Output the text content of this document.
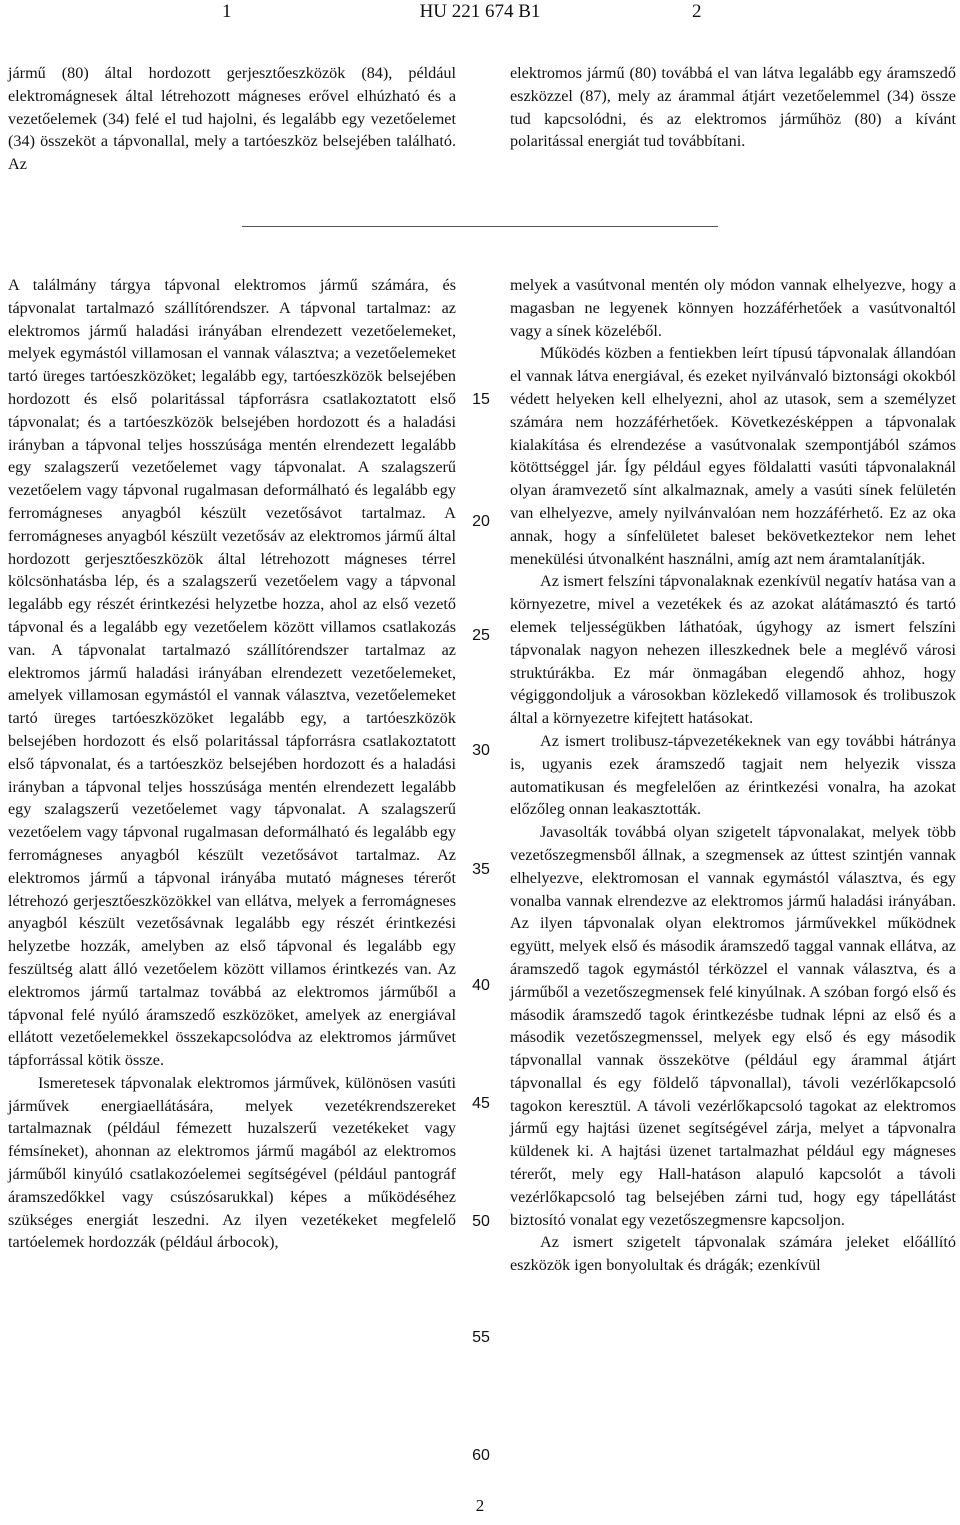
1	HU 221 674 B1	2

jármű (80) által hordozott gerjesztőeszközök (84), például elektromágnesek által létrehozott mágneses erővel elhúzható és a vezetőelemek (34) felé el tud hajolni, és legalább egy vezetőelemet (34) összeköt a tápvonallal, mely a tartóeszköz belsejében található. Az

elektromos jármű (80) továbbá el van látva legalább egy áramszedő eszközzel (87), mely az árammal átjárt vezetőelemmel (34) össze tud kapcsolódni, és az elektromos járműhöz (80) a kívánt polaritással energiát tud továbbítani.

A találmány tárgya tápvonal elektromos jármű számára, és tápvonalat tartalmazó szállítórendszer. A tápvonal tartalmaz: az elektromos jármű haladási irányában elrendezett vezetőelemeket, melyek egymástól villamosan el vannak választva; a vezetőelemeket tartó üreges tartóeszközöket; legalább egy, tartóeszközök belsejében hordozott és első polaritással tápforrásra csatlakoztatott első tápvonalat; és a tartóeszközök belsejében hordozott és a haladási irányban a tápvonal teljes hosszúsága mentén elrendezett legalább egy szalagszerű vezetőelemet vagy tápvonalat. A szalagszerű vezetőelem vagy tápvonal rugalmasan deformálható és legalább egy ferromágneses anyagból készült vezetősávot tartalmaz. A ferromágneses anyagból készült vezetősáv az elektromos jármű által hordozott gerjesztőeszközök által létrehozott mágneses térrel kölcsönhatásba lép, és a szalagszerű vezetőelem vagy a tápvonal legalább egy részét érintkezési helyzetbe hozza, ahol az első vezető tápvonal és a legalább egy vezetőelem között villamos csatlakozás van. A tápvonalat tartalmazó szállítórendszer tartalmaz az elektromos jármű haladási irányában elrendezett vezetőelemeket, amelyek villamosan egymástól el vannak választva, vezetőelemeket tartó üreges tartóeszközöket legalább egy, a tartóeszközök belsejében hordozott és első polaritással tápforrásra csatlakoztatott első tápvonalat, és a tartóeszköz belsejében hordozott és a haladási irányban a tápvonal teljes hosszúsága mentén elrendezett legalább egy szalagszerű vezetőelemet vagy tápvonalat. A szalagszerű vezetőelem vagy tápvonal rugalmasan deformálható és legalább egy ferromágneses anyagból készült vezetősávot tartalmaz. Az elektromos jármű a tápvonal irányába mutató mágneses térerőt létrehozó gerjesztőeszközökkel van ellátva, melyek a ferromágneses anyagból készült vezetősávnak legalább egy részét érintkezési helyzetbe hozzák, amelyben az első tápvonal és legalább egy feszültség alatt álló vezetőelem között villamos érintkezés van. Az elektromos jármű tartalmaz továbbá az elektromos járműből a tápvonal felé nyúló áramszedő eszközöket, amelyek az energiával ellátott vezetőelemekkel összekapcsolódva az elektromos járművet tápforrással kötik össze.

Ismeretesek tápvonalak elektromos járművek, különösen vasúti járművek energiaellátására, melyek vezetékrendszereket tartalmaznak (például fémezett huzalszerű vezetékeket vagy fémsíneket), ahonnan az elektromos jármű magából az elektromos járműből kinyúló csatlakozóelemei segítségével (például pantográf áramszedőkkel vagy csúszósarukkal) képes a működéséhez szükséges energiát leszedni. Az ilyen vezetékeket megfelelő tartóelemek hordozzák (például árbocok),

melyek a vasútvonal mentén oly módon vannak elhelyezve, hogy a magasban ne legyenek könnyen hozzáférhetőek a vasútvonaltól vagy a sínek közeléből.

Működés közben a fentiekben leírt típusú tápvonalak állandóan el vannak látva energiával, és ezeket nyilvánvaló biztonsági okokból védett helyeken kell elhelyezni, ahol az utasok, sem a személyzet számára nem hozzáférhetőek. Következésképpen a tápvonalak kialakítása és elrendezése a vasútvonalak szempontjából számos kötöttséggel jár. Így például egyes földalatti vasúti tápvonalaknál olyan áramvezető sínt alkalmaznak, amely a vasúti sínek felületén van elhelyezve, amely nyilvánvalóan nem hozzáférhető. Ez az oka annak, hogy a sínfelületet baleset bekövetkeztekor nem lehet menekülési útvonalként használni, amíg azt nem áramtalanítják.

Az ismert felszíni tápvonalaknak ezenkívül negatív hatása van a környezetre, mivel a vezetékek és az azokat alátámasztó és tartó elemek teljességükben láthatóak, úgyhogy az ismert felszíni tápvonalak nagyon nehezen illeszkednek bele a meglévő városi struktúrákba. Ez már önmagában elegendő ahhoz, hogy végiggondoljuk a városokban közlekedő villamosok és trolibuszok által a környezetre kifejtett hatásokat.

Az ismert trolibusz-tápvezetékeknek van egy további hátránya is, ugyanis ezek áramszedő tagjait nem helyezik vissza automatikusan és megfelelően az érintkezési vonalra, ha azokat előzőleg onnan leakasztották.

Javasolták továbbá olyan szigetelt tápvonalakat, melyek több vezetőszegmensből állnak, a szegmensek az úttest szintjén vannak elhelyezve, elektromosan el vannak egymástól választva, és egy vonalba vannak elrendezve az elektromos jármű haladási irányában. Az ilyen tápvonalak olyan elektromos járművekkel működnek együtt, melyek első és második áramszedő taggal vannak ellátva, az áramszedő tagok egymástól térközzel el vannak választva, és a járműből a vezetőszegmensek felé kinyúlnak. A szóban forgó első és második áramszedő tagok érintkezésbe tudnak lépni az első és a második vezetőszegmenssel, melyek egy első és egy második tápvonallal vannak összekötve (például egy árammal átjárt tápvonallal és egy földelő tápvonallal), távoli vezérlőkapcsoló tagokon keresztül. A távoli vezérlőkapcsoló tagokat az elektromos jármű egy hajtási üzenet segítségével zárja, melyet a tápvonalra küldenek ki. A hajtási üzenet tartalmazhat például egy mágneses térerőt, mely egy Hall-hatáson alapuló kapcsolót a távoli vezérlőkapcsoló tag belsejében zárni tud, hogy egy tápellátást biztosító vonalat egy vezetőszegmensre kapcsoljon.

Az ismert szigetelt tápvonalak számára jeleket előállító eszközök igen bonyolultak és drágák; ezenkívül

15
20
25
30
35
40
45
50
55
60
2
